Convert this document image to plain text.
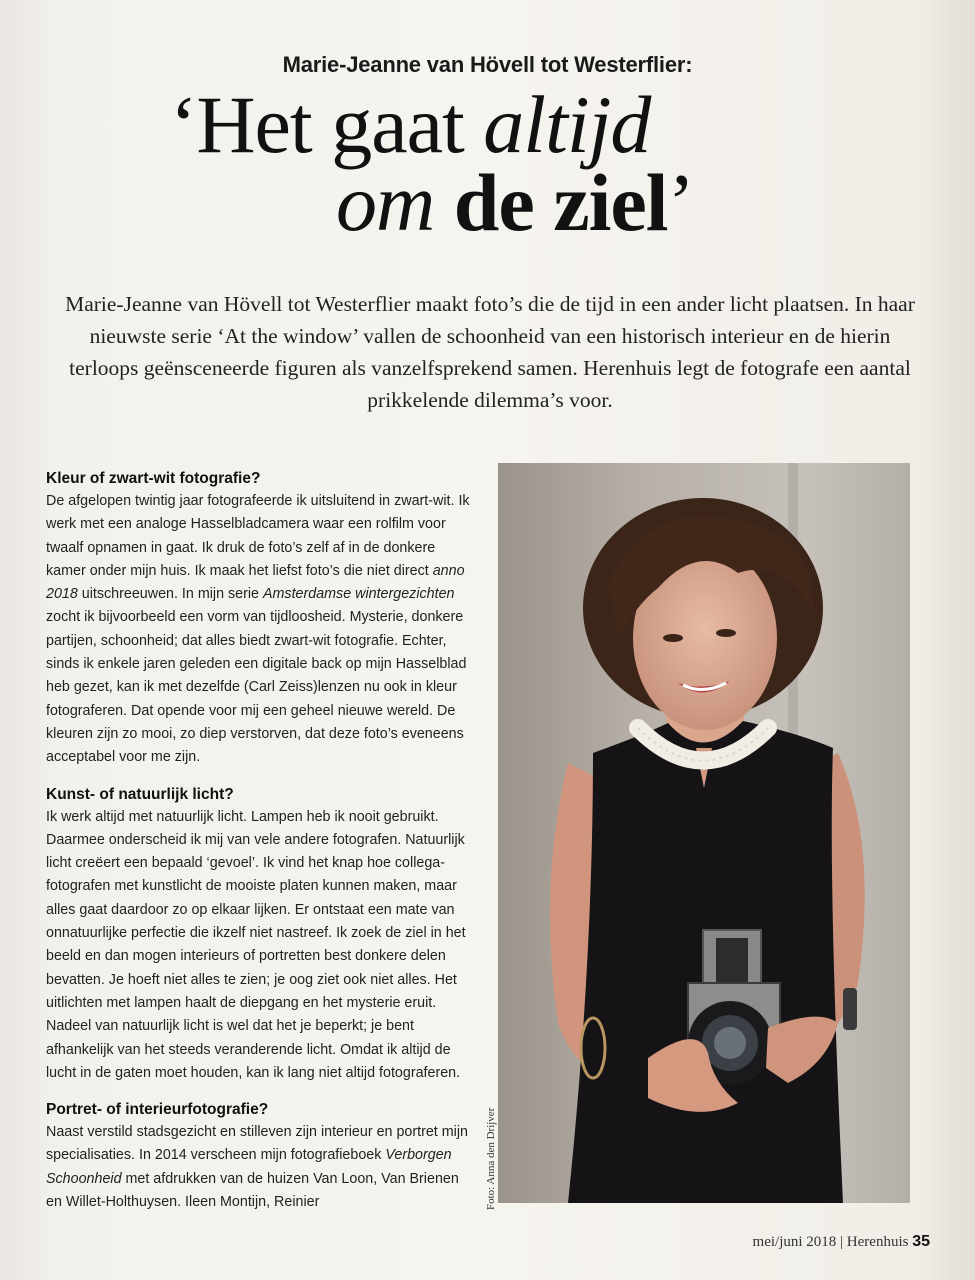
Marie-Jeanne van Hövell tot Westerflier:
‘Het gaat altijd
om de ziel’
Marie-Jeanne van Hövell tot Westerflier maakt foto’s die de tijd in een ander licht plaatsen. In haar nieuwste serie ‘At the window’ vallen de schoonheid van een historisch interieur en de hierin terloops geënsceneerde figuren als vanzelfsprekend samen. Herenhuis legt de fotografe een aantal prikkelende dilemma’s voor.
Kleur of zwart-wit fotografie?

De afgelopen twintig jaar fotografeerde ik uitsluitend in zwart-wit. Ik werk met een analoge Hasselbladcamera waar een rolfilm voor twaalf opnamen in gaat. Ik druk de foto’s zelf af in de donkere kamer onder mijn huis. Ik maak het liefst foto’s die niet direct anno 2018 uitschreeuwen. In mijn serie Amsterdamse wintergezichten zocht ik bijvoorbeeld een vorm van tijdloosheid. Mysterie, donkere partijen, schoonheid; dat alles biedt zwart-wit fotografie. Echter, sinds ik enkele jaren geleden een digitale back op mijn Hasselblad heb gezet, kan ik met dezelfde (Carl Zeiss)lenzen nu ook in kleur fotograferen. Dat opende voor mij een geheel nieuwe wereld. De kleuren zijn zo mooi, zo diep verstorven, dat deze foto’s eveneens acceptabel voor me zijn.

Kunst- of natuurlijk licht?

Ik werk altijd met natuurlijk licht. Lampen heb ik nooit gebruikt. Daarmee onderscheid ik mij van vele andere fotografen. Natuurlijk licht creëert een bepaald ‘gevoel’. Ik vind het knap hoe collega-fotografen met kunstlicht de mooiste platen kunnen maken, maar alles gaat daardoor zo op elkaar lijken. Er ontstaat een mate van onnatuurlijke perfectie die ikzelf niet nastreef. Ik zoek de ziel in het beeld en dan mogen interieurs of portretten best donkere delen bevatten. Je hoeft niet alles te zien; je oog ziet ook niet alles. Het uitlichten met lampen haalt de diepgang en het mysterie eruit. Nadeel van natuurlijk licht is wel dat het je beperkt; je bent afhankelijk van het steeds veranderende licht. Omdat ik altijd de lucht in de gaten moet houden, kan ik lang niet altijd fotograferen.

Portret- of interieurfotografie?

Naast verstild stadsgezicht en stilleven zijn interieur en portret mijn specialisaties. In 2014 verscheen mijn fotografieboek Verborgen Schoonheid met afdrukken van de huizen Van Loon, Van Brienen en Willet-Holthuysen. Ileen Montijn, Reinier	Foto: Anna den Drijver
mei/juni 2018 | Herenhuis 35
